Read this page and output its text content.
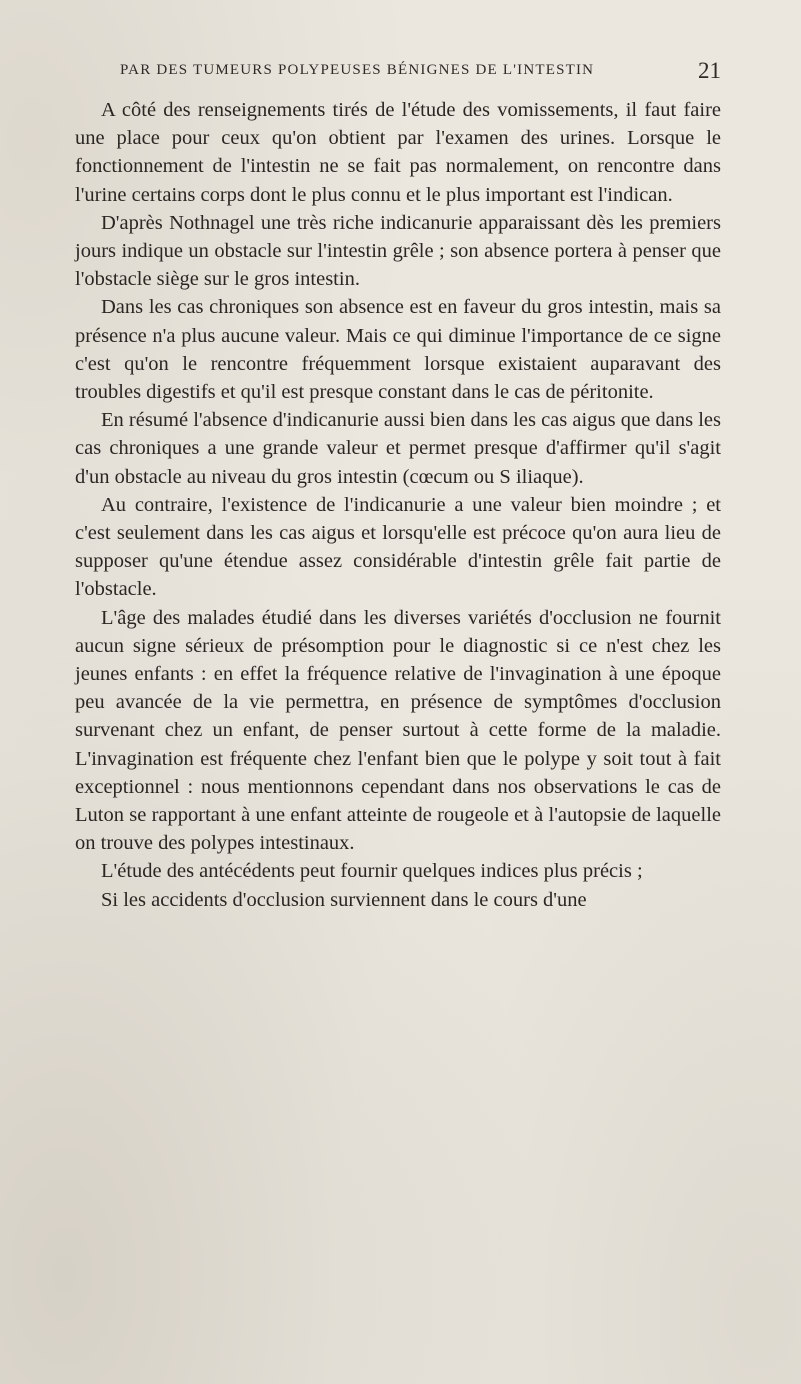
PAR DES TUMEURS POLYPEUSES BÉNIGNES DE L'INTESTIN	21

A côté des renseignements tirés de l'étude des vomissements, il faut faire une place pour ceux qu'on obtient par l'examen des urines. Lorsque le fonctionnement de l'intestin ne se fait pas normalement, on rencontre dans l'urine certains corps dont le plus connu et le plus important est l'indican.

D'après Nothnagel une très riche indicanurie apparaissant dès les premiers jours indique un obstacle sur l'intestin grêle ; son absence portera à penser que l'obstacle siège sur le gros intestin.

Dans les cas chroniques son absence est en faveur du gros intestin, mais sa présence n'a plus aucune valeur. Mais ce qui diminue l'importance de ce signe c'est qu'on le rencontre fréquemment lorsque existaient auparavant des troubles digestifs et qu'il est presque constant dans le cas de péritonite.

En résumé l'absence d'indicanurie aussi bien dans les cas aigus que dans les cas chroniques a une grande valeur et permet presque d'affirmer qu'il s'agit d'un obstacle au niveau du gros intestin (cœcum ou S iliaque).

Au contraire, l'existence de l'indicanurie a une valeur bien moindre ; et c'est seulement dans les cas aigus et lorsqu'elle est précoce qu'on aura lieu de supposer qu'une étendue assez considérable d'intestin grêle fait partie de l'obstacle.

L'âge des malades étudié dans les diverses variétés d'occlusion ne fournit aucun signe sérieux de présomption pour le diagnostic si ce n'est chez les jeunes enfants : en effet la fréquence relative de l'invagination à une époque peu avancée de la vie permettra, en présence de symptômes d'occlusion survenant chez un enfant, de penser surtout à cette forme de la maladie. L'invagination est fréquente chez l'enfant bien que le polype y soit tout à fait exceptionnel : nous mentionnons cependant dans nos observations le cas de Luton se rapportant à une enfant atteinte de rougeole et à l'autopsie de laquelle on trouve des polypes intestinaux.

L'étude des antécédents peut fournir quelques indices plus précis ;

Si les accidents d'occlusion surviennent dans le cours d'une
